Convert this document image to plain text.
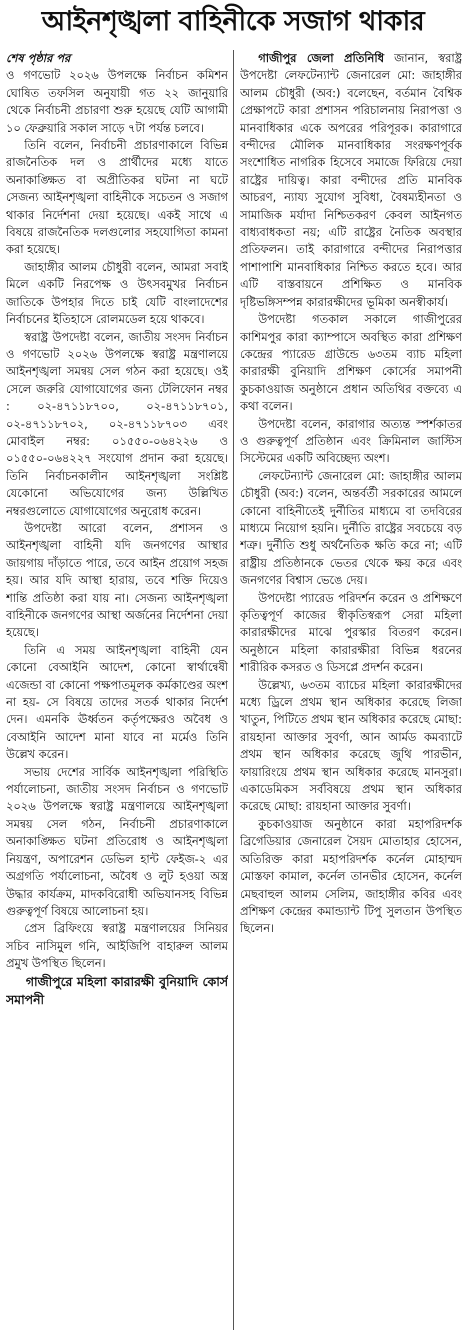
আইনশৃঙ্খলা বাহিনীকে সজাগ থাকার

শেষ পৃষ্ঠার পর
ও গণভোট ২০২৬ উপলক্ষে নির্বাচন কমিশন ঘোষিত তফসিল অনুযায়ী গত ২২ জানুয়ারি থেকে নির্বাচনী প্রচারণা শুরু হয়েছে যেটি আগামী ১০ ফেব্রুয়ারি সকাল সাড়ে ৭টা পর্যন্ত চলবে।

তিনি বলেন, নির্বাচনী প্রচারণাকালে বিভিন্ন রাজনৈতিক দল ও প্রার্থীদের মধ্যে যাতে অনাকাঙ্ক্ষিত বা অপ্রীতিকর ঘটনা না ঘটে সেজন্য আইনশৃঙ্খলা বাহিনীকে সচেতন ও সজাগ থাকার নির্দেশনা দেয়া হয়েছে। একই সাথে এ বিষয়ে রাজনৈতিক দলগুলোর সহযোগিতা কামনা করা হয়েছে।

জাহাঙ্গীর আলম চৌধুরী বলেন, আমরা সবাই মিলে একটি নিরপেক্ষ ও উৎসবমুখর নির্বাচন জাতিকে উপহার দিতে চাই যেটি বাংলাদেশের নির্বাচনের ইতিহাসে রোলমডেল হয়ে থাকবে।

স্বরাষ্ট্র উপদেষ্টা বলেন, জাতীয় সংসদ নির্বাচন ও গণভোট ২০২৬ উপলক্ষে স্বরাষ্ট্র মন্ত্রণালয়ে আইনশৃঙ্খলা সমন্বয় সেল গঠন করা হয়েছে। ওই সেলে জরুরি যোগাযোগের জন্য টেলিফোন নম্বর : ০২-৪৭১১৮৭০০, ০২-৪৭১১৮৭০১, ০২-৪৭১১৮৭০২, ০২-৪৭১১৮৭০৩ এবং মোবাইল নম্বর: ০১৫৫০-০৬৪২২৬ ও ০১৫৫০-০৬৪২২৭ সংযোগ প্রদান করা হয়েছে। তিনি নির্বাচনকালীন আইনশৃঙ্খলা সংশ্লিষ্ট যেকোনো অভিযোগের জন্য উল্লিখিত নম্বরগুলোতে যোগাযোগের অনুরোধ করেন।

উপদেষ্টা আরো বলেন, প্রশাসন ও আইনশৃঙ্খলা বাহিনী যদি জনগণের আস্থার জায়গায় দাঁড়াতে পারে, তবে আইন প্রয়োগ সহজ হয়। আর যদি আস্থা হারায়, তবে শক্তি দিয়েও শান্তি প্রতিষ্ঠা করা যায় না। সেজন্য আইনশৃঙ্খলা বাহিনীকে জনগণের আস্থা অর্জনের নির্দেশনা দেয়া হয়েছে।

তিনি এ সময় আইনশৃঙ্খলা বাহিনী যেন কোনো বেআইনি আদেশ, কোনো স্বার্থান্বেষী এজেন্ডা বা কোনো পক্ষপাতমূলক কর্মকাণ্ডের অংশ না হয়- সে বিষয়ে তাদের সতর্ক থাকার নির্দেশ দেন। এমনকি ঊর্ধ্বতন কর্তৃপক্ষেরও অবৈধ ও বেআইনি আদেশ মানা যাবে না মর্মেও তিনি উল্লেখ করেন।

সভায় দেশের সার্বিক আইনশৃঙ্খলা পরিস্থিতি পর্যালোচনা, জাতীয় সংসদ নির্বাচন ও গণভোট ২০২৬ উপলক্ষে স্বরাষ্ট্র মন্ত্রণালয়ে আইনশৃঙ্খলা সমন্বয় সেল গঠন, নির্বাচনী প্রচারণাকালে অনাকাঙ্ক্ষিত ঘটনা প্রতিরোধ ও আইনশৃঙ্খলা নিয়ন্ত্রণ, অপারেশন ডেভিল হান্ট ফেইজ-২ এর অগ্রগতি পর্যালোচনা, অবৈধ ও লুট হওয়া অস্ত্র উদ্ধার কার্যক্রম, মাদকবিরোধী অভিযানসহ বিভিন্ন গুরুত্বপূর্ণ বিষয়ে আলোচনা হয়।

প্রেস ব্রিফিংয়ে স্বরাষ্ট্র মন্ত্রণালয়ের সিনিয়র সচিব নাসিমুল গনি, আইজিপি বাহারুল আলম প্রমুখ উপস্থিত ছিলেন।

গাজীপুরে মহিলা কারারক্ষী বুনিয়াদি কোর্স সমাপনী

গাজীপুর জেলা প্রতিনিধি জানান, স্বরাষ্ট্র উপদেষ্টা লেফটেন্যান্ট জেনারেল মো: জাহাঙ্গীর আলম চৌধুরী (অব:) বলেছেন, বর্তমান বৈশ্বিক প্রেক্ষাপটে কারা প্রশাসন পরিচালনায় নিরাপত্তা ও মানবাধিকার একে অপরের পরিপূরক। কারাগারে বন্দীদের মৌলিক মানবাধিকার সংরক্ষণপূর্বক সংশোধিত নাগরিক হিসেবে সমাজে ফিরিয়ে দেয়া রাষ্ট্রের দায়িত্ব। কারা বন্দীদের প্রতি মানবিক আচরণ, ন্যায্য সুযোগ সুবিধা, বৈষম্যহীনতা ও সামাজিক মর্যাদা নিশ্চিতকরণ কেবল আইনগত বাধ্যবাধকতা নয়; এটি রাষ্ট্রের নৈতিক অবস্থার প্রতিফলন। তাই কারাগারে বন্দীদের নিরাপত্তার পাশাপাশি মানবাধিকার নিশ্চিত করতে হবে। আর এটি বাস্তবায়নে প্রশিক্ষিত ও মানবিক দৃষ্টিভঙ্গিসম্পন্ন কারারক্ষীদের ভূমিকা অনস্বীকার্য।

উপদেষ্টা গতকাল সকালে গাজীপুরের কাশিমপুর কারা ক্যাম্পাসে অবস্থিত কারা প্রশিক্ষণ কেন্দ্রের প্যারেড গ্রাউন্ডে ৬৩তম ব্যাচ মহিলা কারারক্ষী বুনিয়াদি প্রশিক্ষণ কোর্সের সমাপনী কুচকাওয়াজ অনুষ্ঠানে প্রধান অতিথির বক্তব্যে এ কথা বলেন।

উপদেষ্টা বলেন, কারাগার অত্যন্ত স্পর্শকাতর ও গুরুত্বপূর্ণ প্রতিষ্ঠান এবং ক্রিমিনাল জাস্টিস সিস্টেমের একটি অবিচ্ছেদ্য অংশ।

লেফটেন্যান্ট জেনারেল মো: জাহাঙ্গীর আলম চৌধুরী (অব:) বলেন, অন্তর্বর্তী সরকারের আমলে কোনো বাহিনীতেই দুর্নীতির মাধ্যমে বা তদবিরের মাধ্যমে নিয়োগ হয়নি। দুর্নীতি রাষ্ট্রের সবচেয়ে বড় শত্রু। দুর্নীতি শুধু অর্থনৈতিক ক্ষতি করে না; এটি রাষ্ট্রীয় প্রতিষ্ঠানকে ভেতর থেকে ক্ষয় করে এবং জনগণের বিশ্বাস ভেঙে দেয়।

উপদেষ্টা প্যারেড পরিদর্শন করেন ও প্রশিক্ষণে কৃতিত্বপূর্ণ কাজের স্বীকৃতিস্বরূপ সেরা মহিলা কারারক্ষীদের মাঝে পুরস্কার বিতরণ করেন। অনুষ্ঠানে মহিলা কারারক্ষীরা বিভিন্ন ধরনের শারীরিক কসরত ও ডিসপ্লে প্রদর্শন করেন।

উল্লেখ্য, ৬৩তম ব্যাচের মহিলা কারারক্ষীদের মধ্যে ড্রিলে প্রথম স্থান অধিকার করেছে লিজা খাতুন, পিটিতে প্রথম স্থান অধিকার করেছে মোছা: রায়হানা আক্তার সুবর্ণা, আন আর্মড কমব্যাটে প্রথম স্থান অধিকার করেছে জুথি পারভীন, ফায়ারিংয়ে প্রথম স্থান অধিকার করেছে মানসুরা। একাডেমিকস সর্ববিষয়ে প্রথম স্থান অধিকার করেছে মোছা: রায়হানা আক্তার সুবর্ণা।

কুচকাওয়াজ অনুষ্ঠানে কারা মহাপরিদর্শক ব্রিগেডিয়ার জেনারেল সৈয়দ মোতাহার হোসেন, অতিরিক্ত কারা মহাপরিদর্শক কর্নেল মোহাম্মদ মোস্তফা কামাল, কর্নেল তানভীর হোসেন, কর্নেল মেছবাহুল আলম সেলিম, জাহাঙ্গীর কবির এবং প্রশিক্ষণ কেন্দ্রের কমান্ড্যান্ট টিপু সুলতান উপস্থিত ছিলেন।
